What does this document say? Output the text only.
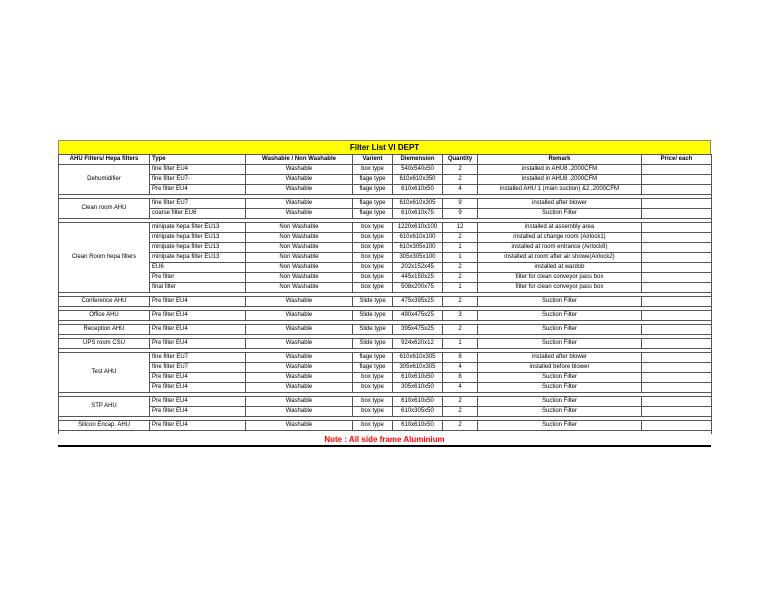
Filter List VI DEPT
AHU Filters/ Hepa filters	Type	Washable / Non Washable	Varient	Diemension	Quantity	Remark	Price/ each
Dehumidifier	fine filter EU4	Washable	box type	540x540x50	2	installed in AHU8 ,2000CFM	
	fine filter EU7-	Washable	flage type	610x610x350	2	installed in AHU8 ,2000CFM	
	Pre filter EU4	Washable	flage type	610x610x50	4	installed AHU 1 (main suction) &2 ,2000CFM	

Clean room AHU	fine filter EU7	Washable	flage type	610x610x305	9	installed after blower	
	coarse filter EU8	Washable	flage type	610x610x75	9	Suction Filter	

Clean Room hepa filters	minipate hepa filter EU13	Non Washable	box type	1220x610x100	12	installed at assembly area	
	minipate hepa filter EU13	Non Washable	box type	610x610x100	2	installed at change room (Airlock1)	
	minipate hepa filter EU13	Non Washable	box type	610x305x100	1	installed at room entrance (Airlock8)	
	minipate hepa filter EU13	Non Washable	box type	305x305x100	1	installed at room after air showe(Airlock2)	
	EU6	Non Washable	box type	202x152x45	2	installed at wardob	
	Pre filter	Non Washable	box type	445x150x25	2	filter for clean conveyor pass box	
	final filter	Non Washable	box type	508x200x75	1	filter for clean conveyor pass box	

Conference AHU	Pre filter EU4	Washable	Slide type	475x395x25	2	Suction Filter	

Office AHU	Pre filter EU4	Washable	Slide type	490x475x25	3	Suction Filter	

Reception AHU	Pre filter EU4	Washable	Slide type	395x475x25	2	Suction Filter	

UPS room CSU	Pre filter EU4	Washable	Slide type	924x620x12	1	Suction Filter	

Test AHU	fine filter EU7	Washable	flage type	610x610x305	8	installed after blower	
	fine filter EU7	Washable	flage type	305x610x305	4	installed before blower	
	Pre filter EU4	Washable	box type	610x610x50	8	Suction Filter	
	Pre filter EU4	Washable	box type	305x610x50	4	Suction Filter	

STP AHU	Pre filter EU4	Washable	box type	610x610x50	2	Suction Filter	
	Pre filter EU4	Washable	box type	610x305x50	2	Suction Filter	

Silicon Encap. AHU	Pre filter EU4	Washable	box type	610x610x50	2	Suction Filter	

Note : All side frame Aluminium
